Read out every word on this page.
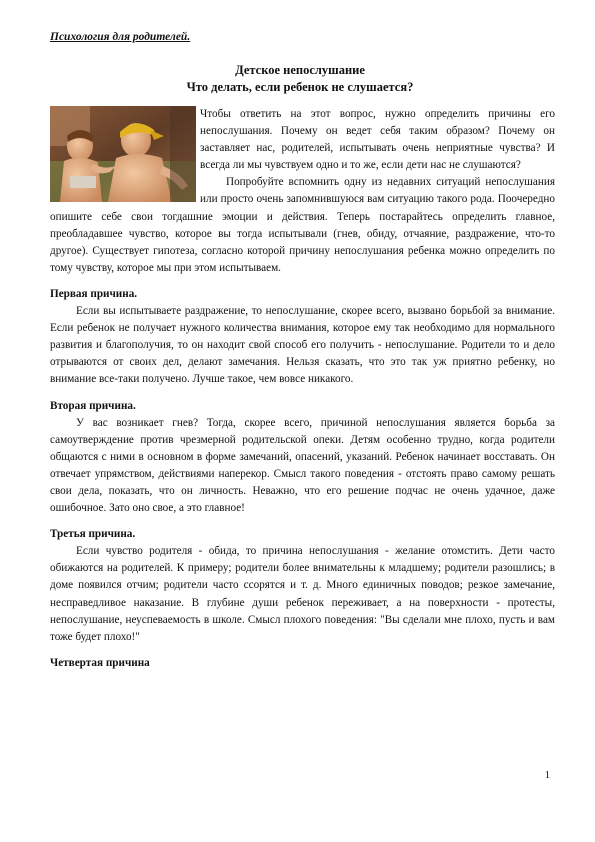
Психология для родителей.
Детское непослушание
Что делать, если ребенок не слушается?

Чтобы ответить на этот вопрос, нужно определить причины его непослушания. Почему он ведет себя таким образом? Почему он заставляет нас, родителей, испытывать очень неприятные чувства? И всегда ли мы чувствуем одно и то же, если дети нас не слушаются?

Попробуйте вспомнить одну из недавних ситуаций непослушания или просто очень запомнившуюся вам ситуацию такого рода. Поочередно опишите себе свои тогдашние эмоции и действия. Теперь постарайтесь определить главное, преобладавшее чувство, которое вы тогда испытывали (гнев, обиду, отчаяние, раздражение, что-то другое). Существует гипотеза, согласно которой причину непослушания ребенка можно определить по тому чувству, которое мы при этом испытываем.

Первая причина.

Если вы испытываете раздражение, то непослушание, скорее всего, вызвано борьбой за внимание. Если ребенок не получает нужного количества внимания, которое ему так необходимо для нормального развития и благополучия, то он находит свой способ его получить - непослушание. Родители то и дело отрываются от своих дел, делают замечания. Нельзя сказать, что это так уж приятно ребенку, но внимание все-таки получено. Лучше такое, чем вовсе никакого.

Вторая причина.

У вас возникает гнев? Тогда, скорее всего, причиной непослушания является борьба за самоутверждение против чрезмерной родительской опеки. Детям особенно трудно, когда родители общаются с ними в основном в форме замечаний, опасений, указаний. Ребенок начинает восставать. Он отвечает упрямством, действиями наперекор. Смысл такого поведения - отстоять право самому решать свои дела, показать, что он личность. Неважно, что его решение подчас не очень удачное, даже ошибочное. Зато оно свое, а это главное!

Третья причина.

Если чувство родителя - обида, то причина непослушания - желание отомстить. Дети часто обижаются на родителей. К примеру; родители более внимательны к младшему; родители разошлись; в доме появился отчим; родители часто ссорятся и т. д. Много единичных поводов; резкое замечание, несправедливое наказание. В глубине души ребенок переживает, а на поверхности - протесты, непослушание, неуспеваемость в школе. Смысл плохого поведения: "Вы сделали мне плохо, пусть и вам тоже будет плохо!"

Четвертая причина

1
